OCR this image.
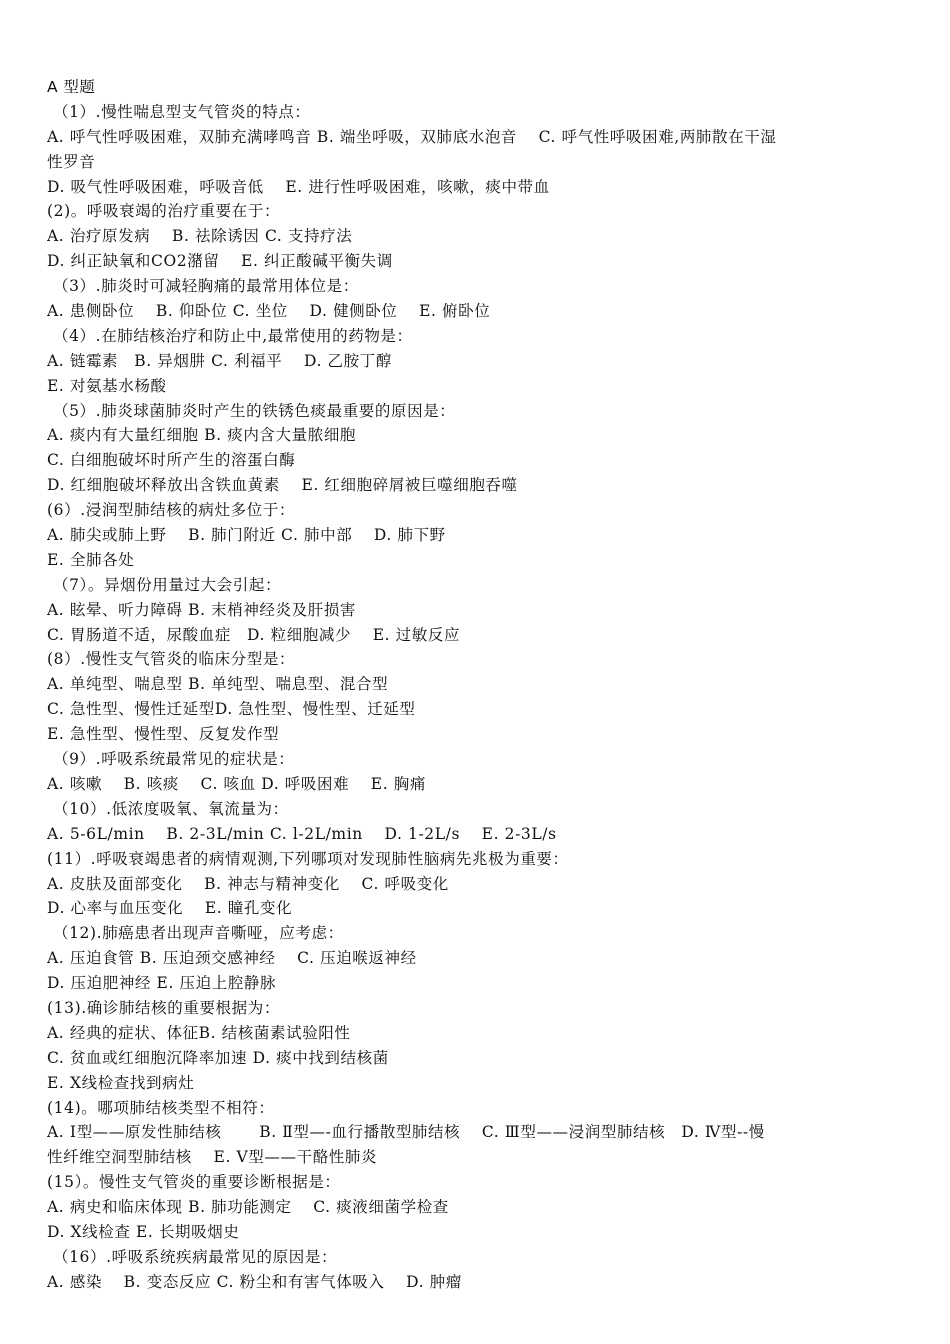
A 型题
（1）.慢性喘息型支气管炎的特点：
A. 呼气性呼吸困难，双肺充满哮鸣音 B. 端坐呼吸，双肺底水泡音　 C. 呼气性呼吸困难,两肺散在干湿
性罗音
D. 吸气性呼吸困难，呼吸音低　 E. 进行性呼吸困难，咳嗽，痰中带血
(2)。呼吸衰竭的治疗重要在于：
A. 治疗原发病　 B. 祛除诱因 C. 支持疗法
D. 纠正缺氧和CO2潴留　 E. 纠正酸碱平衡失调
（3）.肺炎时可减轻胸痛的最常用体位是：
A. 患侧卧位　 B. 仰卧位 C. 坐位　 D. 健侧卧位　 E. 俯卧位
（4）.在肺结核治疗和防止中,最常使用的药物是：
A. 链霉素　B. 异烟肼 C. 利福平　 D. 乙胺丁醇
E. 对氨基水杨酸
（5）.肺炎球菌肺炎时产生的铁锈色痰最重要的原因是：
A. 痰内有大量红细胞 B. 痰内含大量脓细胞
C. 白细胞破坏时所产生的溶蛋白酶
D. 红细胞破坏释放出含铁血黄素　 E. 红细胞碎屑被巨噬细胞吞噬
(6）.浸润型肺结核的病灶多位于：
A. 肺尖或肺上野　 B. 肺门附近 C. 肺中部　 D. 肺下野
E. 全肺各处
（7）。异烟份用量过大会引起：
A. 眩晕、听力障碍 B. 末梢神经炎及肝损害
C. 胃肠道不适，尿酸血症　D. 粒细胞减少　 E. 过敏反应
(8）.慢性支气管炎的临床分型是：
A. 单纯型、喘息型 B. 单纯型、喘息型、混合型
C. 急性型、慢性迁延型D. 急性型、慢性型、迁延型
E. 急性型、慢性型、反复发作型
（9）.呼吸系统最常见的症状是：
A. 咳嗽　 B. 咳痰　 C. 咳血 D. 呼吸困难　 E. 胸痛
（10）.低浓度吸氧、氧流量为：
A. 5-6L/min　 B. 2-3L/min C. l-2L/min　 D. 1-2L/s　 E. 2-3L/s
(11）.呼吸衰竭患者的病情观测,下列哪项对发现肺性脑病先兆极为重要：
A. 皮肤及面部变化　 B. 神志与精神变化　 C. 呼吸变化
D. 心率与血压变化　 E. 瞳孔变化
（12).肺癌患者出现声音嘶哑，应考虑：
A. 压迫食管 B. 压迫颈交感神经　 C. 压迫喉返神经
D. 压迫肥神经 E. 压迫上腔静脉
(13).确诊肺结核的重要根据为：
A. 经典的症状、体征B. 结核菌素试验阳性
C. 贫血或红细胞沉降率加速 D. 痰中找到结核菌
E. X线检查找到病灶
(14)。哪项肺结核类型不相符：
A. Ⅰ型——原发性肺结核　　 B. Ⅱ型—-血行播散型肺结核　 C. Ⅲ型——浸润型肺结核　D. Ⅳ型--慢
性纤维空洞型肺结核　 E. V型——干酪性肺炎
(15）。慢性支气管炎的重要诊断根据是：
A. 病史和临床体现 B. 肺功能测定　 C. 痰液细菌学检查
D. X线检查 E. 长期吸烟史
（16）.呼吸系统疾病最常见的原因是：
A. 感染　 B. 变态反应 C. 粉尘和有害气体吸入　 D. 肿瘤
